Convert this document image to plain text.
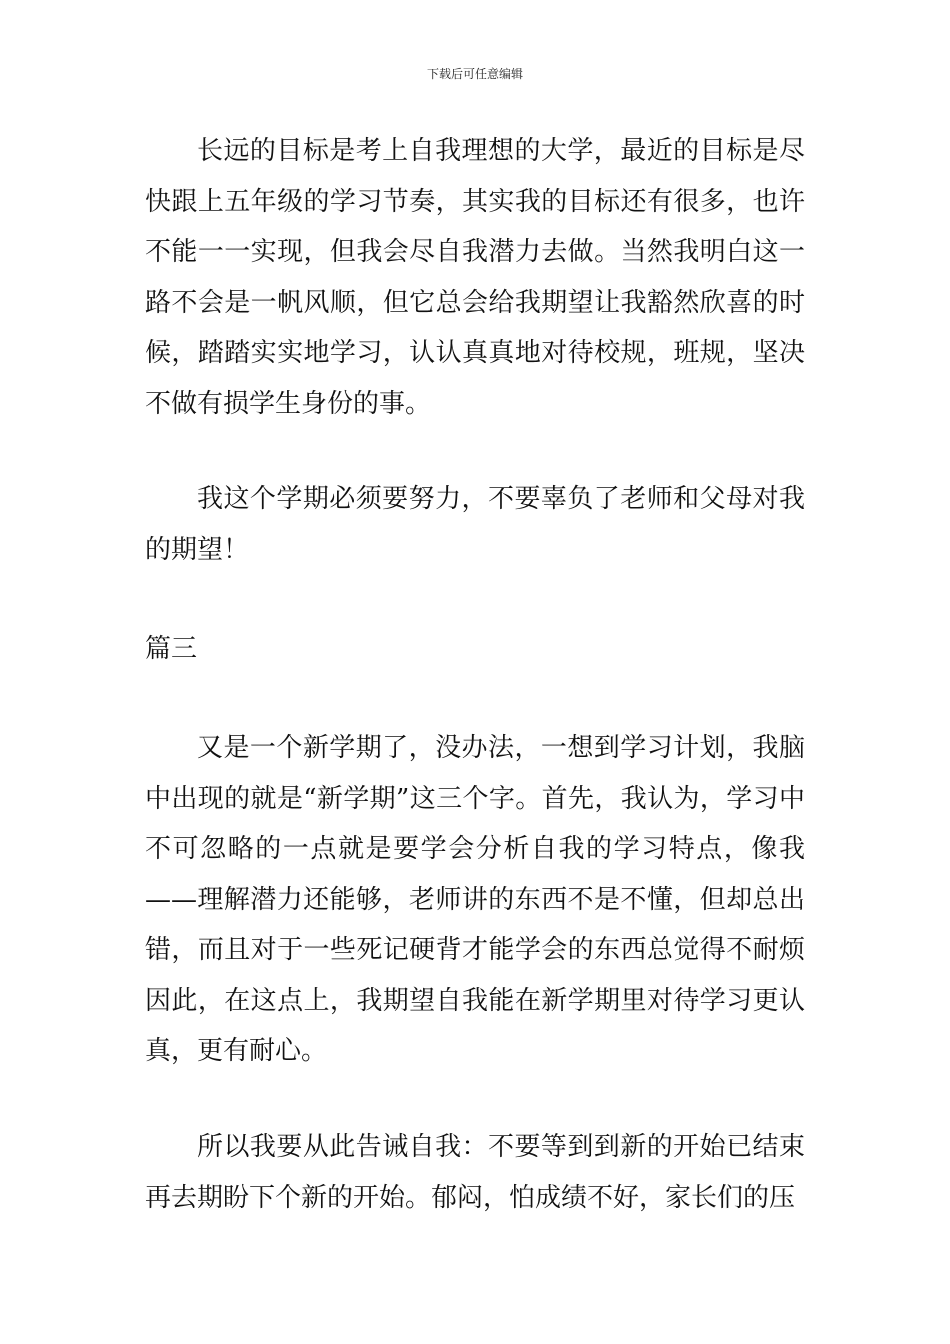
下载后可任意编辑

长远的目标是考上自我理想的大学，最近的目标是尽快跟上五年级的学习节奏，其实我的目标还有很多，也许不能一一实现，但我会尽自我潜力去做。当然我明白这一路不会是一帆风顺，但它总会给我期望让我豁然欣喜的时候，踏踏实实地学习，认认真真地对待校规，班规，坚决不做有损学生身份的事。

我这个学期必须要努力，不要辜负了老师和父母对我的期望！

篇三

又是一个新学期了，没办法，一想到学习计划，我脑中出现的就是“新学期”这三个字。首先，我认为，学习中不可忽略的一点就是要学会分析自我的学习特点，像我——理解潜力还能够，老师讲的东西不是不懂，但却总出错，而且对于一些死记硬背才能学会的东西总觉得不耐烦因此，在这点上，我期望自我能在新学期里对待学习更认真，更有耐心。

所以我要从此告诫自我：不要等到到新的开始已结束再去期盼下个新的开始。郁闷，怕成绩不好，家长们的压
